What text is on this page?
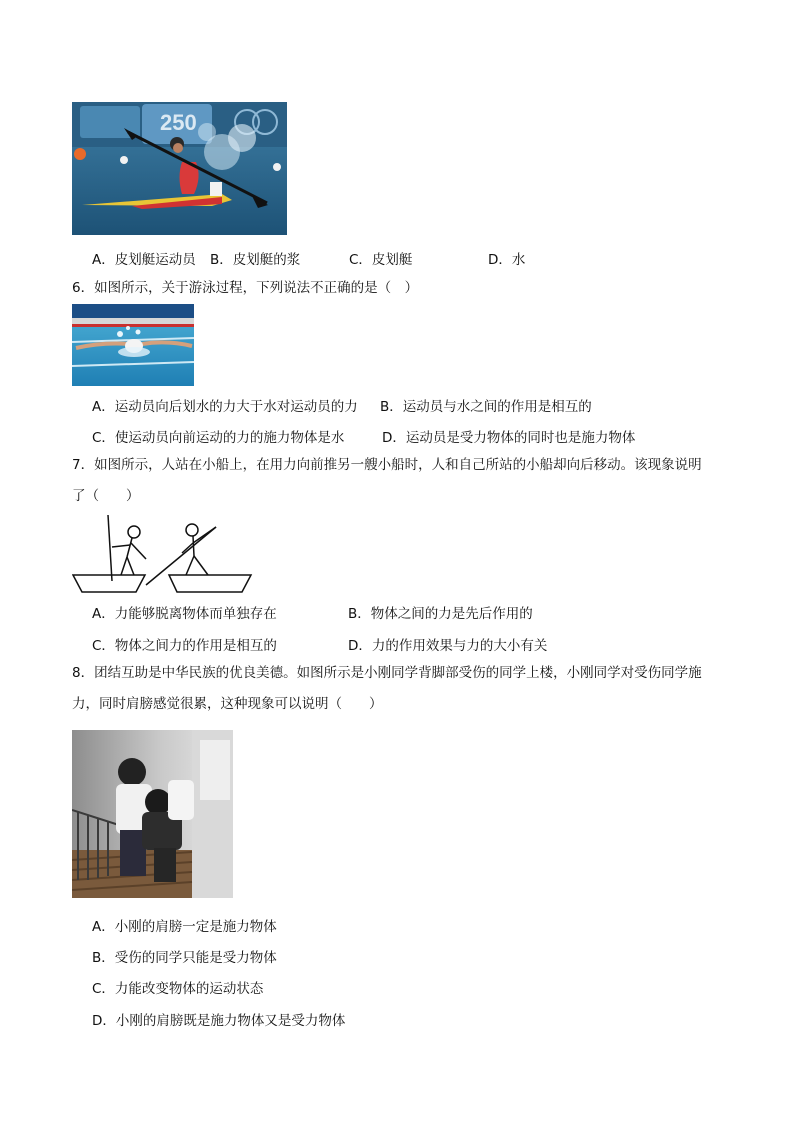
250
A．皮划艇运动员 B．皮划艇的浆	C．皮划艇	D．水
6．如图所示，关于游泳过程，下列说法不正确的是（　）
A．运动员向后划水的力大于水对运动员的力 B．运动员与水之间的作用是相互的
C．使运动员向前运动的力的施力物体是水	D．运动员是受力物体的同时也是施力物体
7．如图所示，人站在小船上，在用力向前推另一艘小船时，人和自己所站的小船却向后移动。该现象说明
了（　　）
A．力能够脱离物体而单独存在	B．物体之间的力是先后作用的
C．物体之间力的作用是相互的	D．力的作用效果与力的大小有关
8．团结互助是中华民族的优良美德。如图所示是小刚同学背脚部受伤的同学上楼，小刚同学对受伤同学施
力，同时肩膀感觉很累，这种现象可以说明（　　）
A．小刚的肩膀一定是施力物体
B．受伤的同学只能是受力物体
C．力能改变物体的运动状态
D．小刚的肩膀既是施力物体又是受力物体
